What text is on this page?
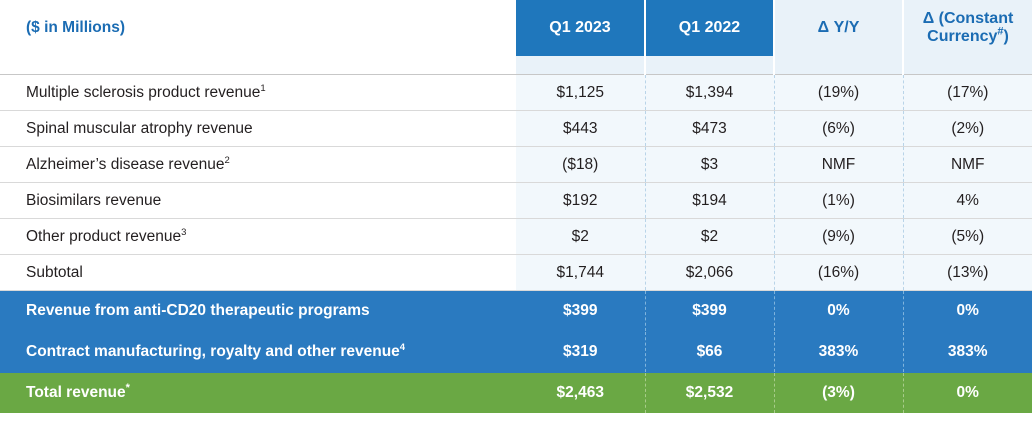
($ in Millions)	Q1 2023	Q1 2022	Δ Y/Y	Δ (Constant Currency#)

Multiple sclerosis product revenue$^1$	$1,125	$1,394	(19%)	(17%)
Spinal muscular atrophy revenue	$443	$473	(6%)	(2%)
Alzheimer’s disease revenue$^2$	($18)	$3	NMF	NMF
Biosimilars revenue	$192	$194	(1%)	4%
Other product revenue$^3$	$2	$2	(9%)	(5%)
Subtotal	$1,744	$2,066	(16%)	(13%)
Revenue from anti-CD20 therapeutic programs	$399	$399	0%	0%
Contract manufacturing, royalty and other revenue$^4$	$319	$66	383%	383%
Total revenue*	$2,463	$2,532	(3%)	0%
